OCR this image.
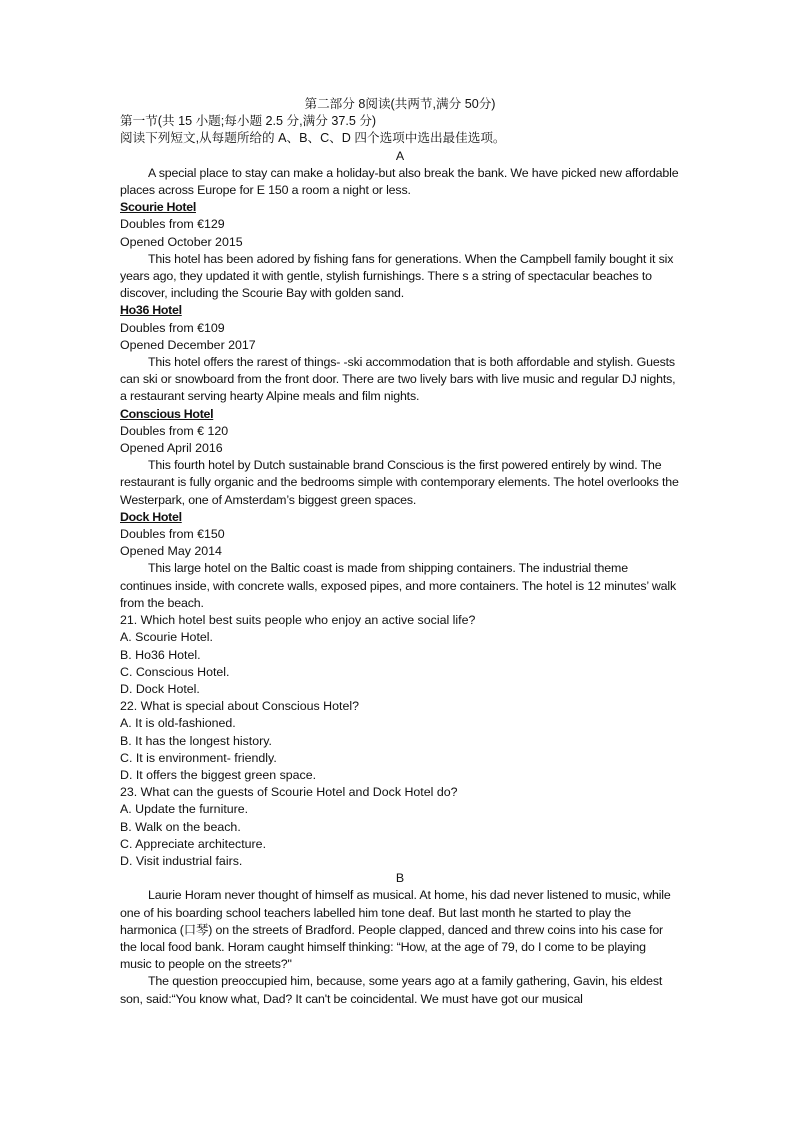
第二部分 8阅读(共两节,满分 50分)

第一节(共 15 小题;每小题 2.5 分,满分 37.5 分)

阅读下列短文,从每题所给的 A、B、C、D 四个选项中选出最佳选项。

A

A special place to stay can make a holiday-but also break the bank. We have picked new affordable places across Europe for E 150 a room a night or less.

Scourie Hotel

Doubles from €129

Opened October 2015

This hotel has been adored by fishing fans for generations. When the Campbell family bought it six years ago, they updated it with gentle, stylish furnishings. There s a string of spectacular beaches to discover, including the Scourie Bay with golden sand.

Ho36 Hotel

Doubles from €109

Opened December 2017

This hotel offers the rarest of things- -ski accommodation that is both affordable and stylish. Guests can ski or snowboard from the front door. There are two lively bars with live music and regular DJ nights, a restaurant serving hearty Alpine meals and film nights.

Conscious Hotel

Doubles from € 120

Opened April 2016

This fourth hotel by Dutch sustainable brand Conscious is the first powered entirely by wind. The restaurant is fully organic and the bedrooms simple with contemporary elements. The hotel overlooks the Westerpark, one of Amsterdam’s biggest green spaces.

Dock Hotel

Doubles from €150

Opened May 2014

This large hotel on the Baltic coast is made from shipping containers. The industrial theme continues inside, with concrete walls, exposed pipes, and more containers. The hotel is 12 minutes’ walk from the beach.

21. Which hotel best suits people who enjoy an active social life?

A. Scourie Hotel.

B. Ho36 Hotel.

C. Conscious Hotel.

D. Dock Hotel.

22. What is special about Conscious Hotel?

A. It is old-fashioned.

B. It has the longest history.

C. It is environment- friendly.

D. It offers the biggest green space.

23. What can the guests of Scourie Hotel and Dock Hotel do?

A. Update the furniture.

B. Walk on the beach.

C. Appreciate architecture.

D. Visit industrial fairs.

B

Laurie Horam never thought of himself as musical. At home, his dad never listened to music, while one of his boarding school teachers labelled him tone deaf. But last month he started to play the harmonica (口琴) on the streets of Bradford. People clapped, danced and threw coins into his case for the local food bank. Horam caught himself thinking: “How, at the age of 79, do I come to be playing music to people on the streets?"

The question preoccupied him, because, some years ago at a family gathering, Gavin, his eldest son, said:“You know what, Dad? It can't be coincidental. We must have got our musical
